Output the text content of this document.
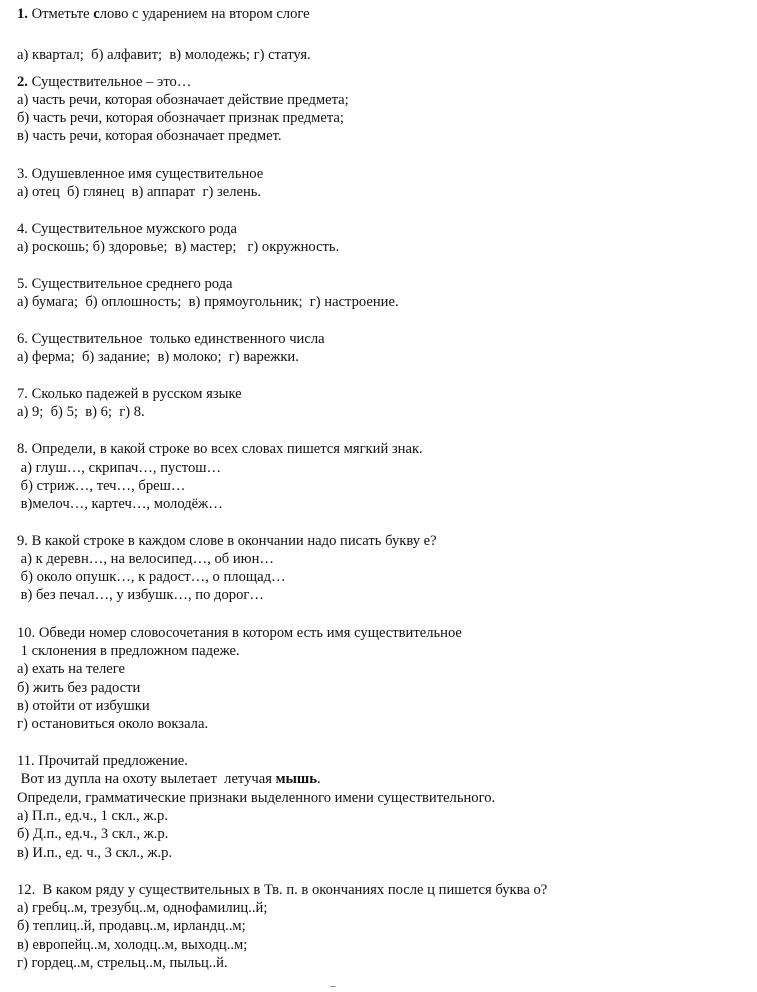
1. Отметьте слово с ударением на втором слоге
а) квартал;  б) алфавит;  в) молодежь; г) статуя.
2. Существительное – это…
а) часть речи, которая обозначает действие предмета;
б) часть речи, которая обозначает признак предмета;
в) часть речи, которая обозначает предмет.
3. Одушевленное имя существительное
а) отец  б) глянец  в) аппарат  г) зелень.
4. Существительное мужского рода
а) роскошь; б) здоровье;  в) мастер;   г) окружность.
5. Существительное среднего рода
а) бумага;  б) оплошность;  в) прямоугольник;  г) настроение.
6. Существительное  только единственного числа
а) ферма;  б) задание;  в) молоко;  г) варежки.
7. Сколько падежей в русском языке
а) 9;  б) 5;  в) 6;  г) 8.
8. Определи, в какой строке во всех словах пишется мягкий знак.
а) глуш…, скрипач…, пустош…
б) стриж…, теч…, бреш…
в)мелоч…, картеч…, молодёж…
9. В какой строке в каждом слове в окончании надо писать букву е?
а) к деревн…, на велосипед…, об июн…
б) около опушк…, к радост…, о площад…
в) без печал…, у избушк…, по дорог…
10. Обведи номер словосочетания в котором есть имя существительное
1 склонения в предложном падеже.
а) ехать на телеге
б) жить без радости
в) отойти от избушки
г) остановиться около вокзала.
11. Прочитай предложение.
Вот из дупла на охоту вылетает  летучая мышь.
Определи, грамматические признаки выделенного имени существительного.
а) П.п., ед.ч., 1 скл., ж.р.
б) Д.п., ед.ч., 3 скл., ж.р.
в) И.п., ед. ч., 3 скл., ж.р.
12.  В каком ряду у существительных в Тв. п. в окончаниях после ц пишется буква о?
а) гребц..м, трезубц..м, однофамилиц..й;
б) теплиц..й, продавц..м, ирландц..м;
в) европейц..м, холодц..м, выходц..м;
г) гордец..м, стрельц..м, пыльц..й.
